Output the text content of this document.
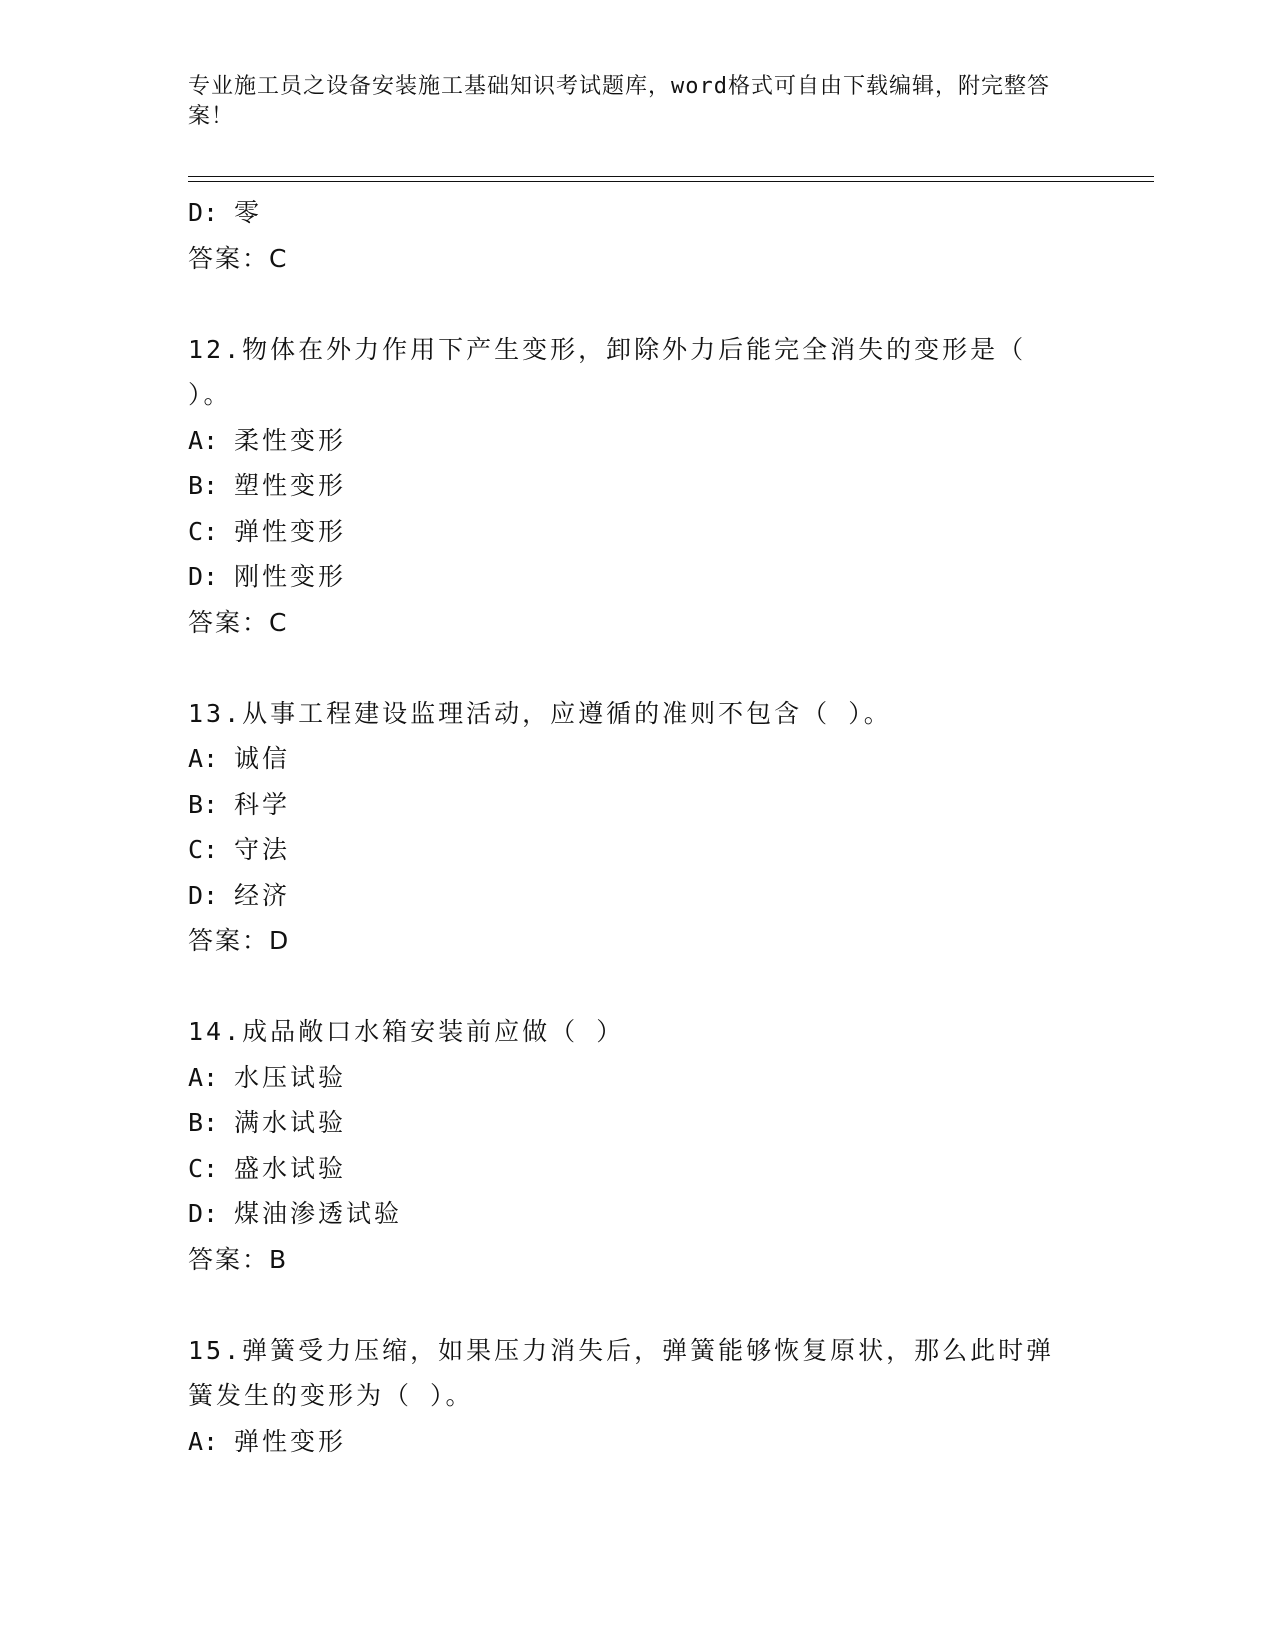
专业施工员之设备安装施工基础知识考试题库，word格式可自由下载编辑，附完整答案！
D: 零
答案：C
12.物体在外力作用下产生变形，卸除外力后能完全消失的变形是（
）。
A: 柔性变形
B: 塑性变形
C: 弹性变形
D: 刚性变形
答案：C
13.从事工程建设监理活动，应遵循的准则不包含（ ）。
A: 诚信
B: 科学
C: 守法
D: 经济
答案：D
14.成品敞口水箱安装前应做（ ）
A: 水压试验
B: 满水试验
C: 盛水试验
D: 煤油渗透试验
答案：B
15.弹簧受力压缩，如果压力消失后，弹簧能够恢复原状，那么此时弹
簧发生的变形为（ ）。
A: 弹性变形
